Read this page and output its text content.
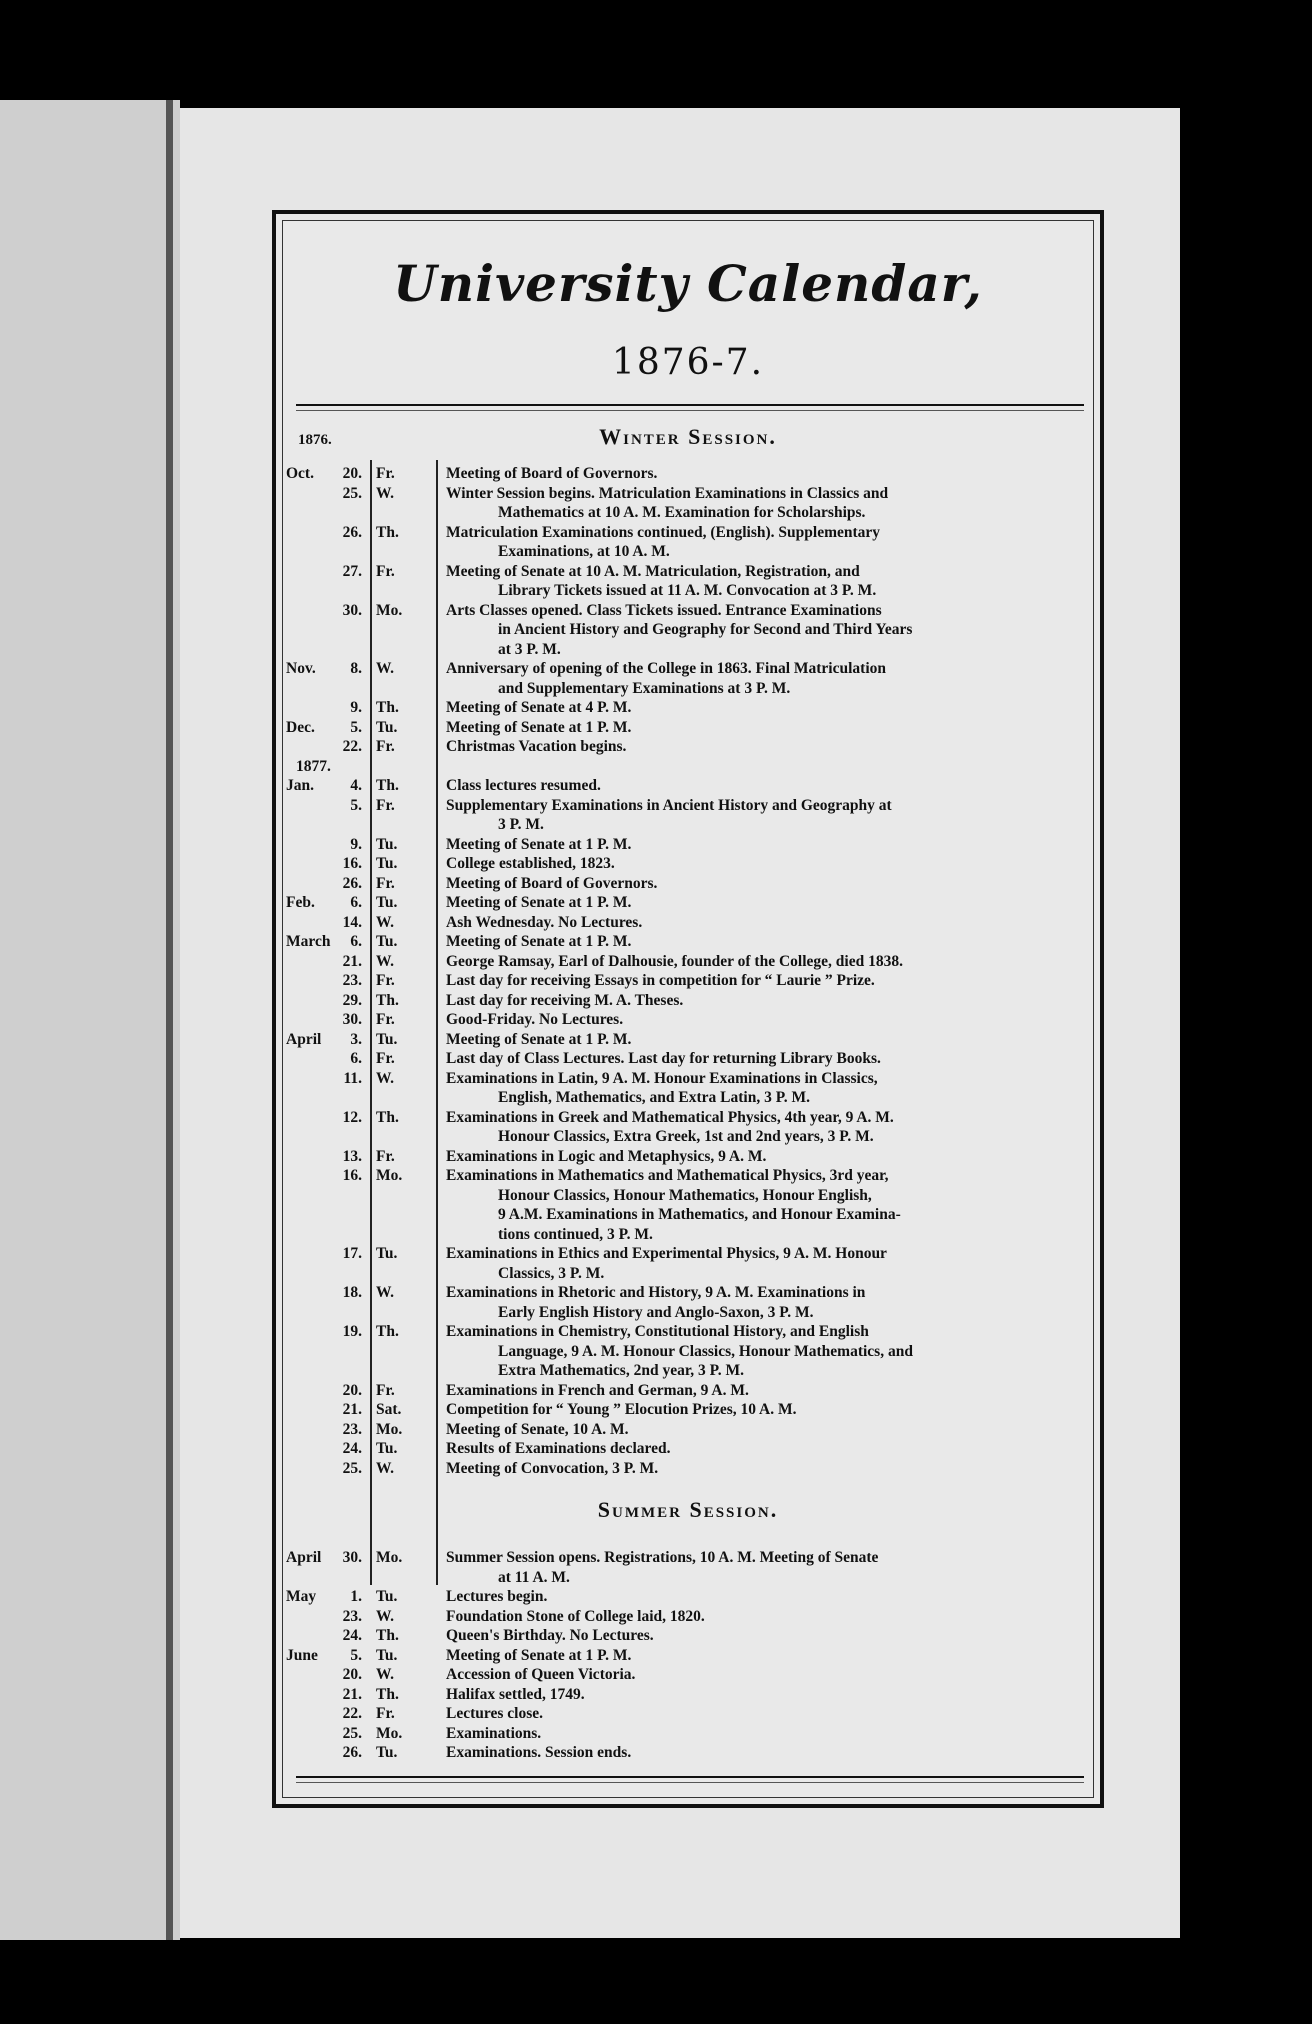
University Calendar,
1876-7.
1876.	Winter Session.
Oct.	20. Fr.	Meeting of Board of Governors.
25. W.	Winter Session begins. Matriculation Examinations in Classics and
Mathematics at 10 A. M. Examination for Scholarships.
26. Th.	Matriculation Examinations continued, (English). Supplementary
Examinations, at 10 A. M.
27. Fr.	Meeting of Senate at 10 A. M. Matriculation, Registration, and
Library Tickets issued at 11 A. M. Convocation at 3 P. M.
30. Mo.	Arts Classes opened. Class Tickets issued. Entrance Examinations
in Ancient History and Geography for Second and Third Years
at 3 P. M.
Nov.	8. W.	Anniversary of opening of the College in 1863. Final Matriculation
and Supplementary Examinations at 3 P. M.
9. Th.	Meeting of Senate at 4 P. M.
Dec.	5. Tu.	Meeting of Senate at 1 P. M.
22. Fr.	Christmas Vacation begins.
1877.
Jan.	4. Th.	Class lectures resumed.
5. Fr.	Supplementary Examinations in Ancient History and Geography at
3 P. M.
9. Tu.	Meeting of Senate at 1 P. M.
16. Tu.	College established, 1823.
26. Fr.	Meeting of Board of Governors.
Feb.	6. Tu.	Meeting of Senate at 1 P. M.
14. W.	Ash Wednesday. No Lectures.
March	6. Tu.	Meeting of Senate at 1 P. M.
21. W.	George Ramsay, Earl of Dalhousie, founder of the College, died 1838.
23. Fr.	Last day for receiving Essays in competition for “ Laurie ” Prize.
29. Th.	Last day for receiving M. A. Theses.
30. Fr.	Good-Friday. No Lectures.
April	3. Tu.	Meeting of Senate at 1 P. M.
6. Fr.	Last day of Class Lectures. Last day for returning Library Books.
11. W.	Examinations in Latin, 9 A. M. Honour Examinations in Classics,
English, Mathematics, and Extra Latin, 3 P. M.
12. Th.	Examinations in Greek and Mathematical Physics, 4th year, 9 A. M.
Honour Classics, Extra Greek, 1st and 2nd years, 3 P. M.
13. Fr.	Examinations in Logic and Metaphysics, 9 A. M.
16. Mo.	Examinations in Mathematics and Mathematical Physics, 3rd year,
Honour Classics, Honour Mathematics, Honour English,
9 A.M. Examinations in Mathematics, and Honour Examina-
tions continued, 3 P. M.
17. Tu.	Examinations in Ethics and Experimental Physics, 9 A. M. Honour
Classics, 3 P. M.
18. W.	Examinations in Rhetoric and History, 9 A. M. Examinations in
Early English History and Anglo-Saxon, 3 P. M.
19. Th.	Examinations in Chemistry, Constitutional History, and English
Language, 9 A. M. Honour Classics, Honour Mathematics, and
Extra Mathematics, 2nd year, 3 P. M.
20. Fr.	Examinations in French and German, 9 A. M.
21. Sat.	Competition for “ Young ” Elocution Prizes, 10 A. M.
23. Mo.	Meeting of Senate, 10 A. M.
24. Tu.	Results of Examinations declared.
25. W.	Meeting of Convocation, 3 P. M.
Summer Session.
April	30. Mo.	Summer Session opens. Registrations, 10 A. M. Meeting of Senate
at 11 A. M.
May	1. Tu.	Lectures begin.
23. W.	Foundation Stone of College laid, 1820.
24. Th.	Queen's Birthday. No Lectures.
June	5. Tu.	Meeting of Senate at 1 P. M.
20. W.	Accession of Queen Victoria.
21. Th.	Halifax settled, 1749.
22. Fr.	Lectures close.
25. Mo.	Examinations.
26. Tu.	Examinations. Session ends.
